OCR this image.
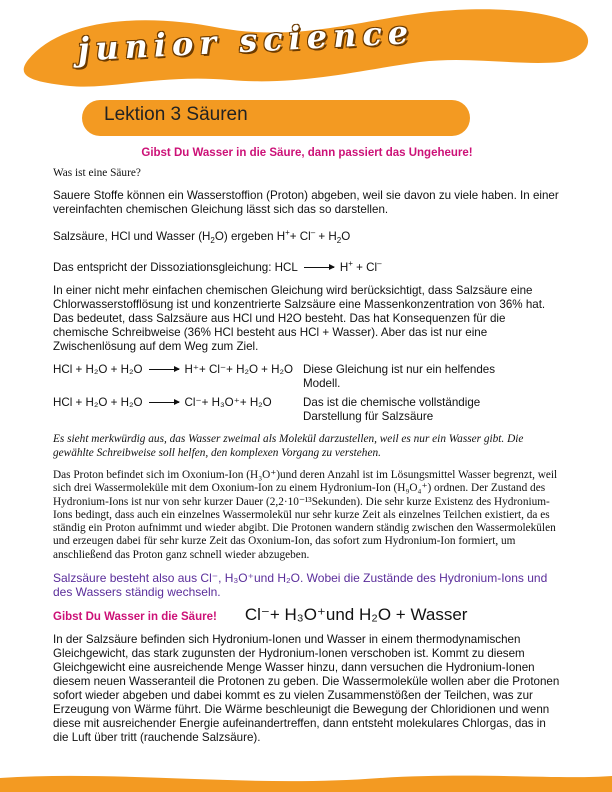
junior science
Lektion 3 Säuren

Gibst Du Wasser in die Säure, dann passiert das Ungeheure!

Was ist eine Säure?

Sauere Stoffe können ein Wasserstoffion (Proton) abgeben, weil sie davon zu viele haben. In einer vereinfachten chemischen Gleichung lässt sich das so darstellen.

Salzsäure, HCl und Wasser $(H_2O)$ ergeben $H^++ Cl^- + H_2O$

Das entspricht der Dissoziationsgleichung: HCL	H+ + Cl–

In einer nicht mehr einfachen chemischen Gleichung wird berücksichtigt, dass Salzsäure eine Chlorwasserstofflösung ist und konzentrierte Salzsäure eine Massenkonzentration von 36% hat. Das bedeutet, dass Salzsäure aus HCl und H2O besteht. Das hat Konsequenzen für die chemische Schreibweise (36% HCl besteht aus HCl + Wasser). Aber das ist nur eine Zwischenlösung auf dem Weg zum Ziel.

HCl + H₂O + H₂O	H⁺+ Cl⁻+ H₂O + H₂O Diese Gleichung ist nur ein helfendes Modell.
HCl + H₂O + H₂O	Cl⁻+ H₃O⁺+ H₂O	Das ist die chemische vollständige Darstellung für Salzsäure

Es sieht merkwürdig aus, das Wasser zweimal als Molekül darzustellen, weil es nur ein Wasser gibt. Die gewählte Schreibweise soll helfen, den komplexen Vorgang zu verstehen.

Das Proton befindet sich im Oxonium-Ion (H₃O⁺)und deren Anzahl ist im Lösungsmittel Wasser begrenzt, weil sich drei Wassermoleküle mit dem Oxonium-Ion zu einem Hydronium-Ion (H₉O₄⁺) ordnen. Der Zustand des Hydronium-Ions ist nur von sehr kurzer Dauer (2,2·10⁻¹³Sekunden). Die sehr kurze Existenz des Hydronium-Ions bedingt, dass auch ein einzelnes Wassermolekül nur sehr kurze Zeit als einzelnes Teilchen existiert, da es ständig ein Proton aufnimmt und wieder abgibt. Die Protonen wandern ständig zwischen den Wassermolekülen und erzeugen dabei für sehr kurze Zeit das Oxonium-Ion, das sofort zum Hydronium-Ion formiert, um anschließend das Proton ganz schnell wieder abzugeben.

Salzsäure besteht also aus Cl⁻, H₃O⁺und H₂O. Wobei die Zustände des Hydronium-Ions und des Wassers ständig wechseln.

Gibst Du Wasser in die Säure! Cl⁻+ H₃O⁺und H₂O + Wasser

In der Salzsäure befinden sich Hydronium-Ionen und Wasser in einem thermodynamischen Gleichgewicht, das stark zugunsten der Hydronium-Ionen verschoben ist. Kommt zu diesem Gleichgewicht eine ausreichende Menge Wasser hinzu, dann versuchen die Hydronium-Ionen diesem neuen Wasseranteil die Protonen zu geben. Die Wassermoleküle wollen aber die Protonen sofort wieder abgeben und dabei kommt es zu vielen Zusammenstößen der Teilchen, was zur Erzeugung von Wärme führt. Die Wärme beschleunigt die Bewegung der Chloridionen und wenn diese mit ausreichender Energie aufeinandertreffen, dann entsteht molekulares Chlorgas, das in die Luft über tritt (rauchende Salzsäure).
